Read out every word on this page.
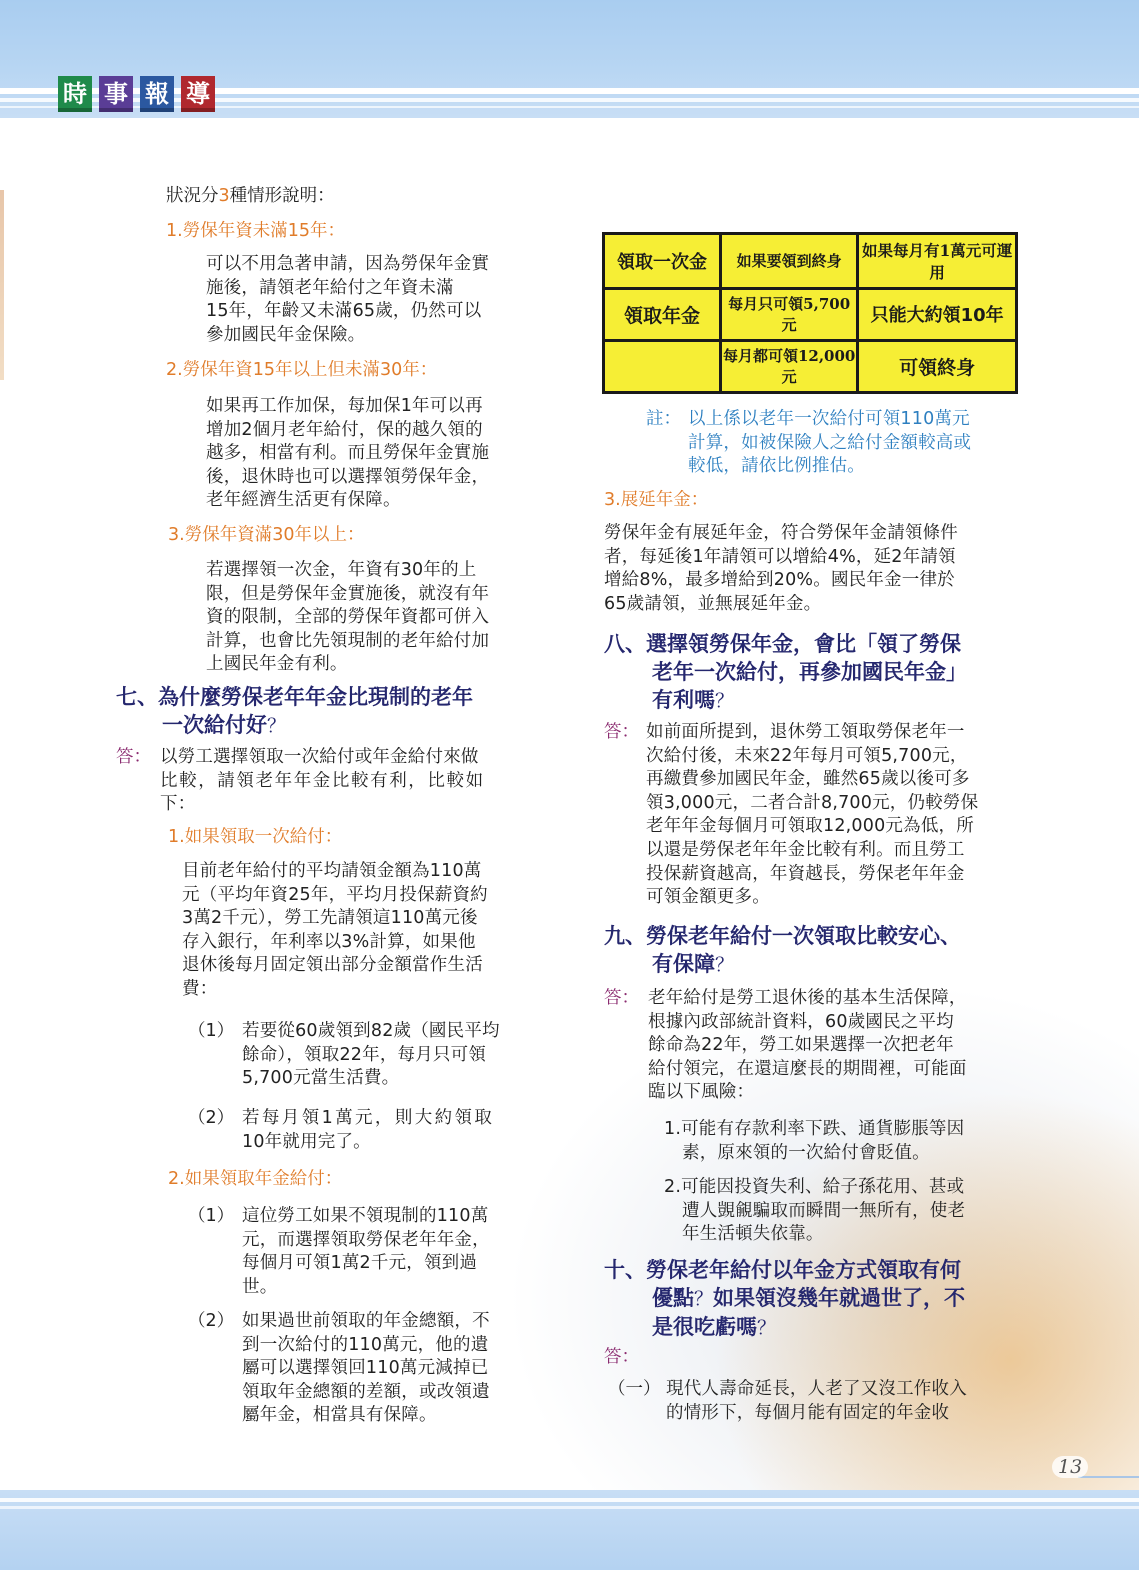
時 事 報 導
狀況分3種情形說明：
1.勞保年資未滿15年：

可以不用急著申請，因為勞保年金實

施後，請領老年給付之年資未滿

15年，年齡又未滿65歲，仍然可以

參加國民年金保險。

2.勞保年資15年以上但未滿30年：

如果再工作加保，每加保1年可以再

增加2個月老年給付，保的越久領的

越多，相當有利。而且勞保年金實施

後，退休時也可以選擇領勞保年金，

老年經濟生活更有保障。

3.勞保年資滿30年以上：

若選擇領一次金，年資有30年的上

限，但是勞保年金實施後，就沒有年

資的限制，全部的勞保年資都可併入

計算，也會比先領現制的老年給付加

上國民年金有利。

七、為什麼勞保老年年金比現制的老年
一次給付好？
答： 以勞工選擇領取一次給付或年金給付來做

比較，請領老年年金比較有利，比較如

下：

1.如果領取一次給付：

目前老年給付的平均請領金額為110萬

元（平均年資25年，平均月投保薪資約

3萬2千元），勞工先請領這110萬元後

存入銀行，年利率以3%計算，如果他

退休後每月固定領出部分金額當作生活

費：

（1） 若要從60歲領到82歲（國民平均

餘命），領取22年，每月只可領

5,700元當生活費。

（2） 若每月領1萬元，則大約領取

10年就用完了。

2.如果領取年金給付：
（1） 這位勞工如果不領現制的110萬

元，而選擇領取勞保老年年金，

每個月可領1萬2千元，領到過

世。

（2） 如果過世前領取的年金總額，不

到一次給付的110萬元，他的遺

屬可以選擇領回110萬元減掉已

領取年金總額的差額，或改領遺

屬年金，相當具有保障。

領取一次金	如果要領到終身	如果每月有1萬元可運用
領取年金	每月只可領5,700元	只能大約領10年
	每月都可領12,000元	可領終身
註： 以上係以老年一次給付可領110萬元

計算，如被保險人之給付金額較高或

較低，請依比例推估。

3.展延年金：

勞保年金有展延年金，符合勞保年金請領條件

者，每延後1年請領可以增給4%，延2年請領

增給8%，最多增給到20%。國民年金一律於

65歲請領，並無展延年金。

八、選擇領勞保年金，會比「領了勞保
老年一次給付，再參加國民年金」
有利嗎？
答： 如前面所提到，退休勞工領取勞保老年一

次給付後，未來22年每月可領5,700元，

再繳費參加國民年金，雖然65歲以後可多

領3,000元，二者合計8,700元，仍較勞保

老年年金每個月可領取12,000元為低，所

以還是勞保老年年金比較有利。而且勞工

投保薪資越高，年資越長，勞保老年年金

可領金額更多。

九、勞保老年給付一次領取比較安心、
有保障？
答： 老年給付是勞工退休後的基本生活保障，

根據內政部統計資料，60歲國民之平均

餘命為22年，勞工如果選擇一次把老年

給付領完，在還這麼長的期間裡，可能面

臨以下風險：

1.可能有存款利率下跌、通貨膨脹等因

素，原來領的一次給付會貶值。

2.可能因投資失利、給子孫花用、甚或

遭人覬覦騙取而瞬間一無所有，使老

年生活頓失依靠。

十、勞保老年給付以年金方式領取有何
優點？如果領沒幾年就過世了，不
是很吃虧嗎？
答：
（一） 現代人壽命延長，人老了又沒工作收入

的情形下，每個月能有固定的年金收

13
